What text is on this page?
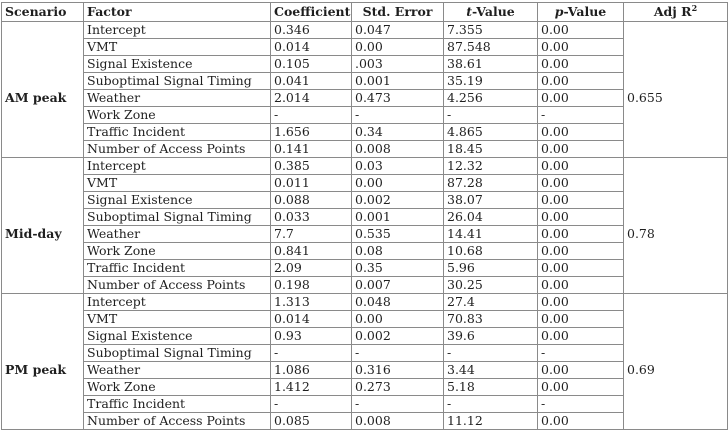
Scenario	Factor	Coefficient	Std. Error	t-Value	p-Value	Adj $R^2$
	Intercept	0.346	0.047	7.355	0.00	
	VMT	0.014	0.00	87.548	0.00	
	Signal Existence	0.105	.003	38.61	0.00	
	Suboptimal Signal Timing	0.041	0.001	35.19	0.00	
AM peak	Weather	2.014	0.473	4.256	0.00	0.655
	Work Zone	-	-	-	-	
	Traffic Incident	1.656	0.34	4.865	0.00	
	Number of Access Points	0.141	0.008	18.45	0.00	
	Intercept	0.385	0.03	12.32	0.00	
	VMT	0.011	0.00	87.28	0.00	
	Signal Existence	0.088	0.002	38.07	0.00	
	Suboptimal Signal Timing	0.033	0.001	26.04	0.00	
Mid-day	Weather	7.7	0.535	14.41	0.00	0.78
	Work Zone	0.841	0.08	10.68	0.00	
	Traffic Incident	2.09	0.35	5.96	0.00	
	Number of Access Points	0.198	0.007	30.25	0.00	
	Intercept	1.313	0.048	27.4	0.00	
	VMT	0.014	0.00	70.83	0.00	
	Signal Existence	0.93	0.002	39.6	0.00	
	Suboptimal Signal Timing	-	-	-	-	
PM peak	Weather	1.086	0.316	3.44	0.00	0.69
	Work Zone	1.412	0.273	5.18	0.00	
	Traffic Incident	-	-	-	-	
	Number of Access Points	0.085	0.008	11.12	0.00	
